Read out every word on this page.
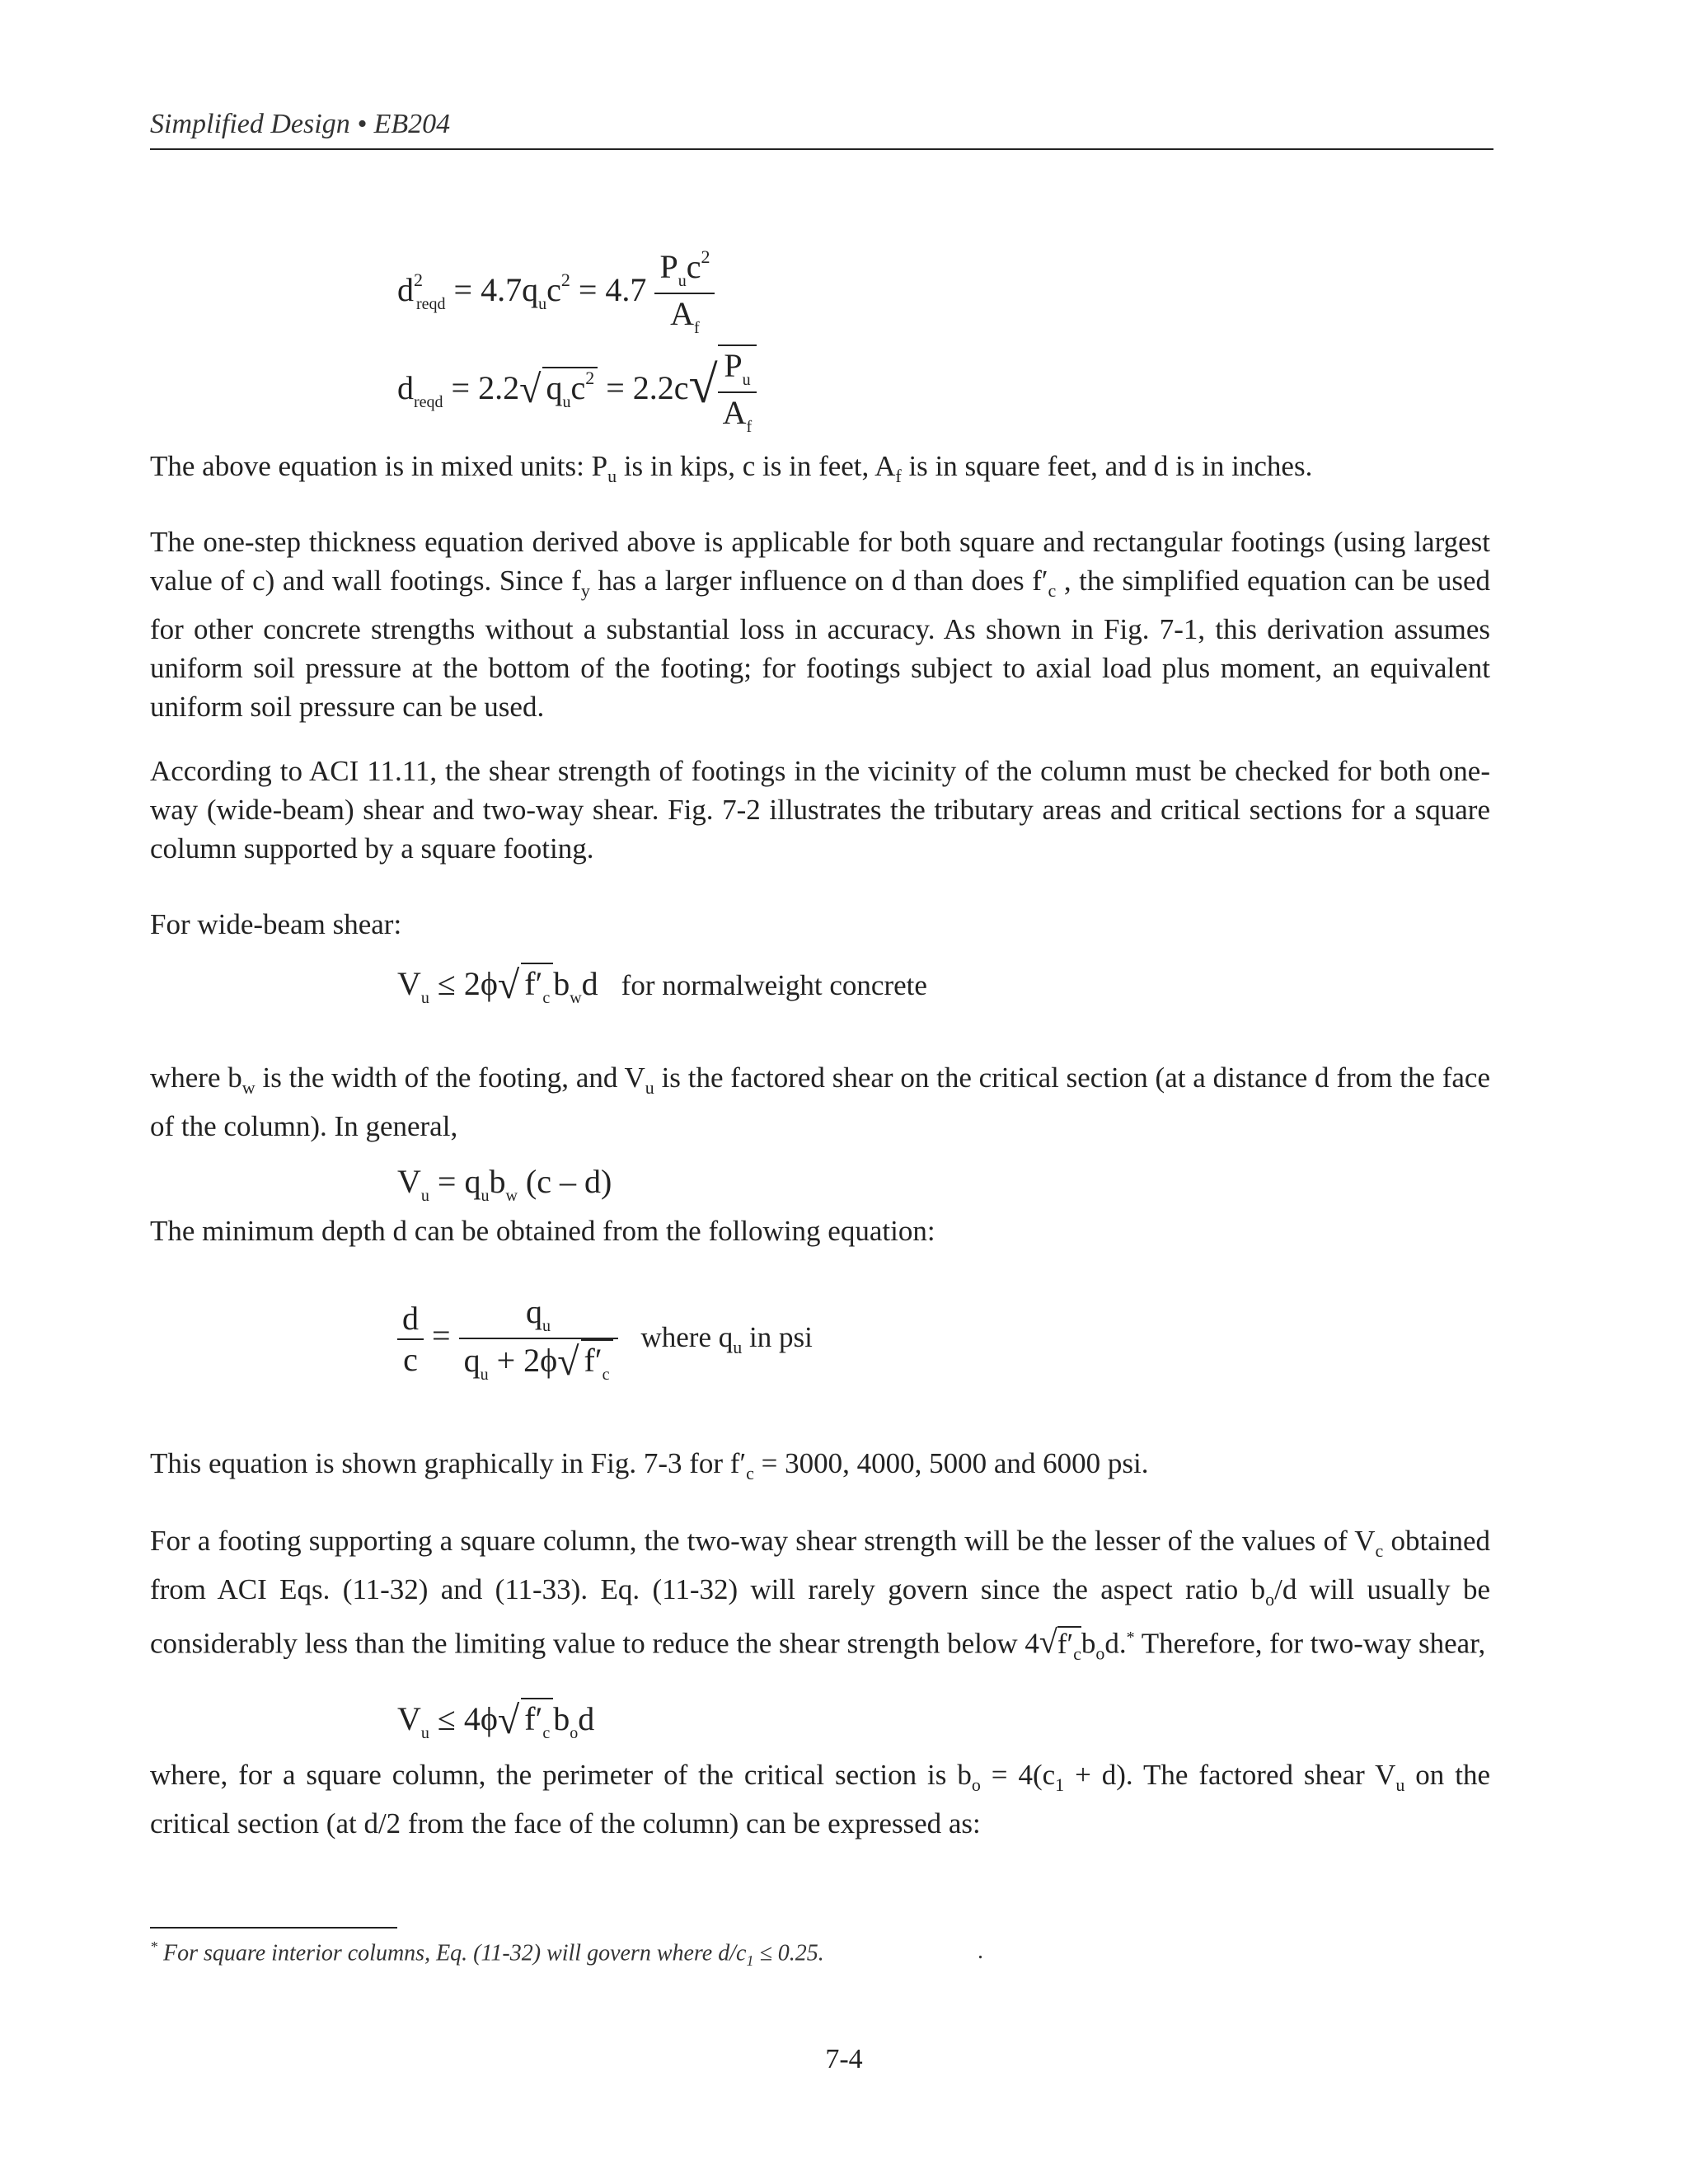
Simplified Design • EB204
$d^2_{reqd} = 4.7q_uc^2 = 4.7 \frac{P_uc^2}{A_f}$
$d_{reqd} = 2.2√$ $q_uc^2 = 2.2c√ \frac{P_u}{A_f}$

The above equation is in mixed units: $P_u$ is in kips, c is in feet, $A_f$ is in square feet, and d is in inches.

The one-step thickness equation derived above is applicable for both square and rectangular footings (using largest value of c) and wall footings. Since $f_y$ has a larger influence on d than does $f'_c$ , the simplified equation can be used for other concrete strengths without a substantial loss in accuracy. As shown in Fig. 7-1, this derivation assumes uniform soil pressure at the bottom of the footing; for footings subject to axial load plus moment, an equivalent uniform soil pressure can be used.

According to ACI 11.11, the shear strength of footings in the vicinity of the column must be checked for both one-way (wide-beam) shear and two-way shear. Fig. 7-2 illustrates the tributary areas and critical sections for a square column supported by a square footing.

For wide-beam shear:

$V_u \le 2\phi√$ $f'_c$ $b_wd$ for normalweight concrete

where $b_w$ is the width of the footing, and $V_u$ is the factored shear on the critical section (at a distance d from the face of the column). In general,

$V_u = q_ub_w$ (c – d)

The minimum depth d can be obtained from the following equation:

$\frac{d}{c} = \frac{q_u}{q_u + 2\phi√ f'_c}$ where $q_u$ in psi

This equation is shown graphically in Fig. 7-3 for $f'_c = 3000$, 4000, 5000 and 6000 psi.

For a footing supporting a square column, the two-way shear strength will be the lesser of the values of $V_c$ obtained from ACI Eqs. (11-32) and (11-33). Eq. (11-32) will rarely govern since the aspect ratio $b_o/d$ will usually be considerably less than the limiting value to reduce the shear strength below $4√f'_cb_od.^*$ Therefore, for two-way shear,

$V_u \le 4\phi√$ $f'_c$ $b_od$

where, for a square column, the perimeter of the critical section is $b_o = 4(c_1 + d)$. The factored shear $V_u$ on the critical section (at d/2 from the face of the column) can be expressed as:

* For square interior columns, Eq. (11-32) will govern where $d/c_1 \le 0.25$.	.
7-4
